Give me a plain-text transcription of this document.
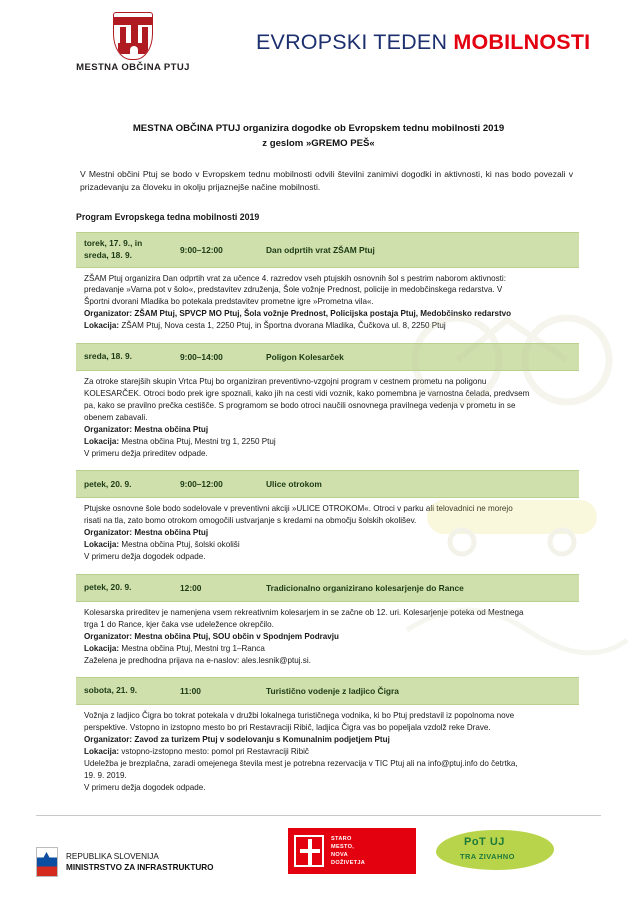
MESTNA OBČINA PTUJ
EVROPSKI TEDEN MOBILNOSTI
MESTNA OBČINA PTUJ organizira dogodke ob Evropskem tednu mobilnosti 2019
z geslom »GREMO PEŠ«
V Mestni občini Ptuj se bodo v Evropskem tednu mobilnosti odvili številni zanimivi dogodki in aktivnosti, ki nas bodo povezali v prizadevanju za človeku in okolju prijaznejše načine mobilnosti.
Program Evropskega tedna mobilnosti 2019
torek, 17. 9., in
sreda, 18. 9.	9:00–12:00	Dan odprtih vrat ZŠAM Ptuj

ZŠAM Ptuj organizira Dan odprtih vrat za učence 4. razredov vseh ptujskih osnovnih šol s pestrim naborom aktivnosti:

predavanje »Varna pot v šolo«, predstavitev združenja, Šole vožnje Prednost, policije in medobčinskega redarstva. V

Športni dvorani Mladika bo potekala predstavitev prometne igre »Prometna vila«.

Organizator: ZŠAM Ptuj, SPVCP MO Ptuj, Šola vožnje Prednost, Policijska postaja Ptuj, Medobčinsko redarstvo

Lokacija: ZŠAM Ptuj, Nova cesta 1, 2250 Ptuj, in Športna dvorana Mladika, Čučkova ul. 8, 2250 Ptuj

sreda, 18. 9.	9:00–14:00	Poligon Kolesarček

Za otroke starejših skupin Vrtca Ptuj bo organiziran preventivno-vzgojni program v cestnem prometu na poligonu

KOLESARČEK. Otroci bodo prek igre spoznali, kako jih na cesti vidi voznik, kako pomembna je varnostna čelada, predvsem

pa, kako se pravilno prečka cestišče. S programom se bodo otroci naučili osnovnega pravilnega vedenja v prometu in se

obenem zabavali.

Organizator: Mestna občina Ptuj

Lokacija: Mestna občina Ptuj, Mestni trg 1, 2250 Ptuj

V primeru dežja prireditev odpade.

petek, 20. 9.	9:00–12:00	Ulice otrokom

Ptujske osnovne šole bodo sodelovale v preventivni akciji »ULICE OTROKOM«. Otroci v parku ali telovadnici ne morejo

risati na tla, zato bomo otrokom omogočili ustvarjanje s kredami na območju šolskih okolišev.

Organizator: Mestna občina Ptuj

Lokacija: Mestna občina Ptuj, šolski okoliši

V primeru dežja dogodek odpade.

petek, 20. 9.	12:00	Tradicionalno organizirano kolesarjenje do Rance

Kolesarska prireditev je namenjena vsem rekreativnim kolesarjem in se začne ob 12. uri. Kolesarjenje poteka od Mestnega

trga 1 do Rance, kjer čaka vse udeležence okrepčilo.

Organizator: Mestna občina Ptuj, SOU občin v Spodnjem Podravju

Lokacija: Mestna občina Ptuj, Mestni trg 1–Ranca

Zaželena je predhodna prijava na e-naslov: ales.lesnik@ptuj.si.

sobota, 21. 9.	11:00	Turistično vodenje z ladjico Čigra

Vožnja z ladjico Čigra bo tokrat potekala v družbi lokalnega turističnega vodnika, ki bo Ptuj predstavil iz popolnoma nove

perspektive. Vstopno in izstopno mesto bo pri Restavraciji Ribič, ladjica Čigra vas bo popeljala vzdolž reke Drave.

Organizator: Zavod za turizem Ptuj v sodelovanju s Komunalnim podjetjem Ptuj

Lokacija: vstopno-izstopno mesto: pomol pri Restavraciji Ribič

Udeležba je brezplačna, zaradi omejenega števila mest je potrebna rezervacija v TIC Ptuj ali na info@ptuj.info do četrtka,

19. 9. 2019.

V primeru dežja dogodek odpade.

REPUBLIKA SLOVENIJA
MINISTRSTVO ZA INFRASTRUKTURO
STARO
MESTO,
NOVA
DOŽIVETJA
PoT UJ
TRA ZIVAHNO
